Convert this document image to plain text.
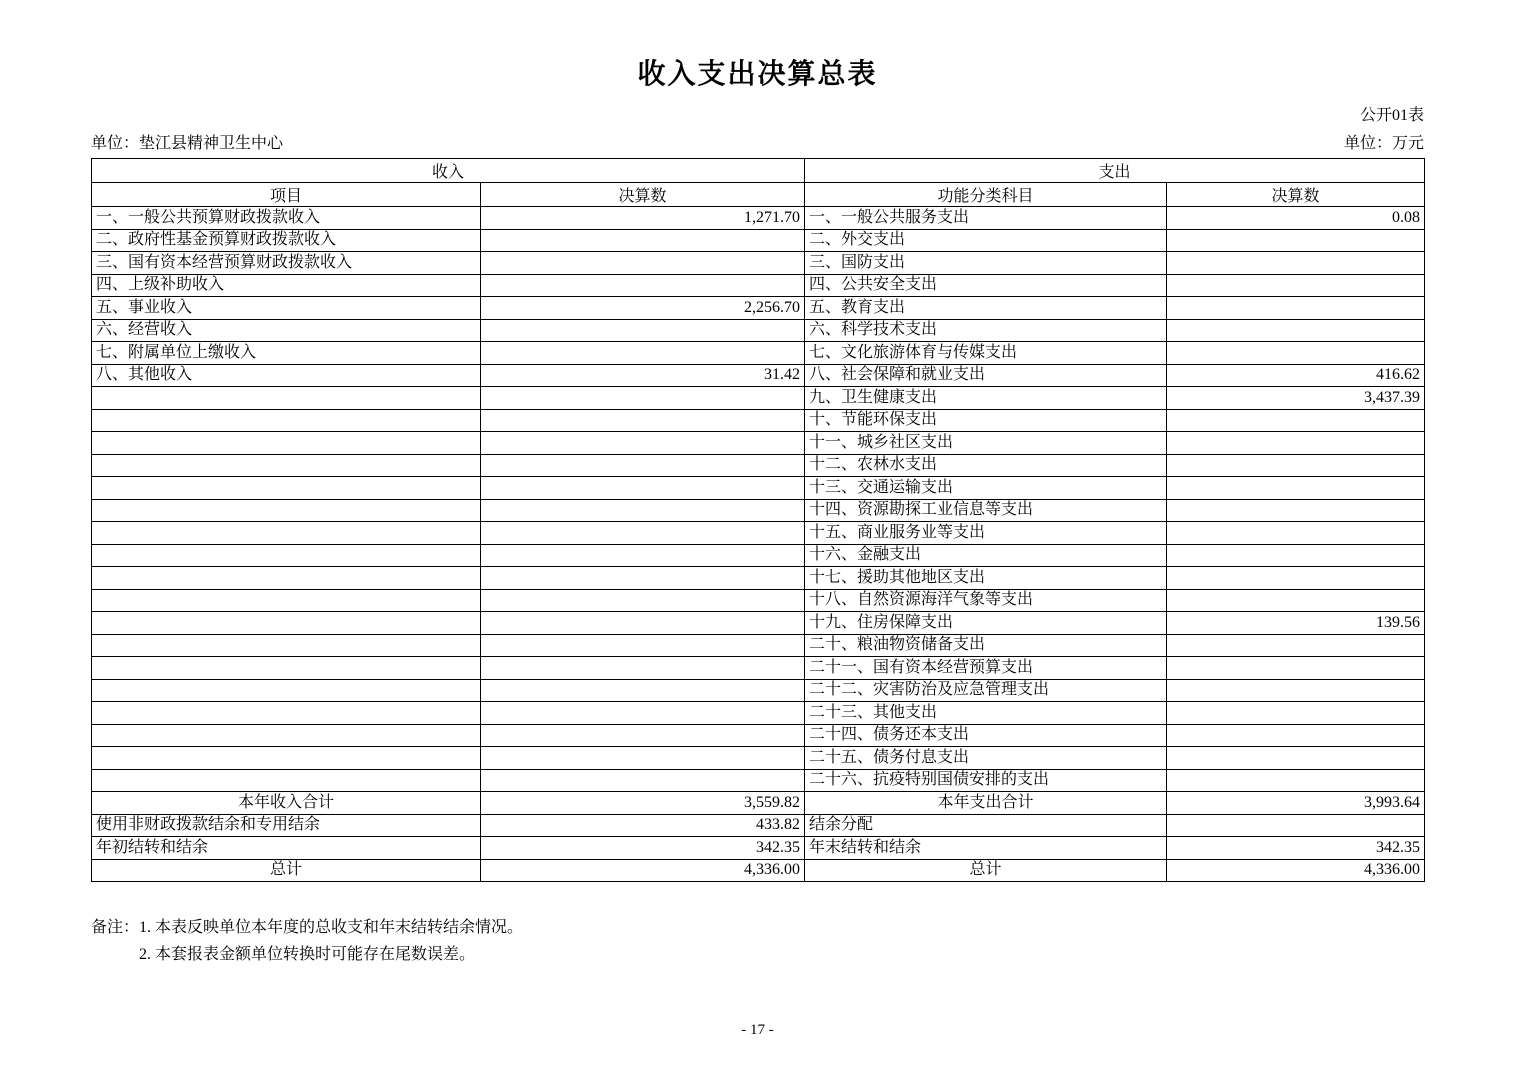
收入支出决算总表
公开01表
单位：垫江县精神卫生中心	单位：万元
收入		支出	
项目	决算数	功能分类科目	决算数
一、一般公共预算财政拨款收入	1,271.70	一、一般公共服务支出	0.08
二、政府性基金预算财政拨款收入		二、外交支出	
三、国有资本经营预算财政拨款收入		三、国防支出	
四、上级补助收入		四、公共安全支出	
五、事业收入	2,256.70	五、教育支出	
六、经营收入		六、科学技术支出	
七、附属单位上缴收入		七、文化旅游体育与传媒支出	
八、其他收入	31.42	八、社会保障和就业支出	416.62
		九、卫生健康支出	3,437.39
		十、节能环保支出	
		十一、城乡社区支出	
		十二、农林水支出	
		十三、交通运输支出	
		十四、资源勘探工业信息等支出	
		十五、商业服务业等支出	
		十六、金融支出	
		十七、援助其他地区支出	
		十八、自然资源海洋气象等支出	
		十九、住房保障支出	139.56
		二十、粮油物资储备支出	
		二十一、国有资本经营预算支出	
		二十二、灾害防治及应急管理支出	
		二十三、其他支出	
		二十四、债务还本支出	
		二十五、债务付息支出	
		二十六、抗疫特别国债安排的支出	
本年收入合计	3,559.82	本年支出合计	3,993.64
使用非财政拨款结余和专用结余	433.82	结余分配	
年初结转和结余	342.35	年末结转和结余	342.35
总计	4,336.00	总计	4,336.00
备注： 1. 本表反映单位本年度的总收支和年末结转结余情况。
2. 本套报表金额单位转换时可能存在尾数误差。
- 17 -
